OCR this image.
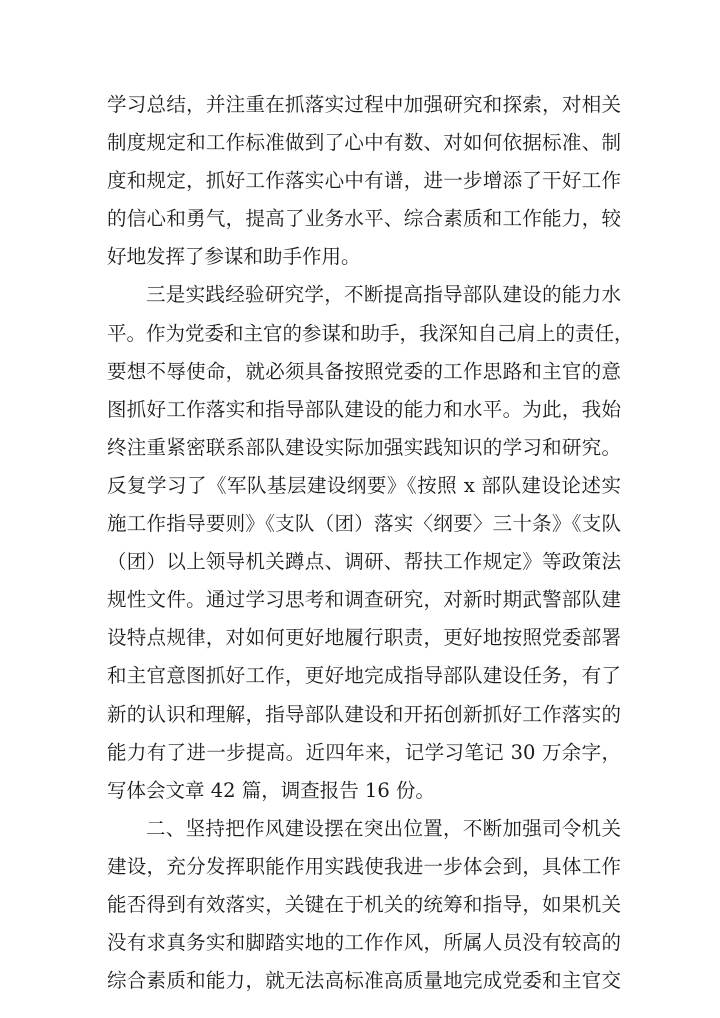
学习总结，并注重在抓落实过程中加强研究和探索，对相关
制度规定和工作标准做到了心中有数、对如何依据标准、制
度和规定，抓好工作落实心中有谱，进一步增添了干好工作
的信心和勇气，提高了业务水平、综合素质和工作能力，较
好地发挥了参谋和助手作用。
三是实践经验研究学，不断提高指导部队建设的能力水
平。作为党委和主官的参谋和助手，我深知自己肩上的责任，
要想不辱使命，就必须具备按照党委的工作思路和主官的意
图抓好工作落实和指导部队建设的能力和水平。为此，我始
终注重紧密联系部队建设实际加强实践知识的学习和研究。
反复学习了《军队基层建设纲要》《按照 x 部队建设论述实
施工作指导要则》《支队（团）落实〈纲要〉三十条》《支队
（团）以上领导机关蹲点、调研、帮扶工作规定》等政策法
规性文件。通过学习思考和调查研究，对新时期武警部队建
设特点规律，对如何更好地履行职责，更好地按照党委部署
和主官意图抓好工作，更好地完成指导部队建设任务，有了
新的认识和理解，指导部队建设和开拓创新抓好工作落实的
能力有了进一步提高。近四年来，记学习笔记 30 万余字，
写体会文章 42 篇，调查报告 16 份。
二、坚持把作风建设摆在突出位置，不断加强司令机关
建设，充分发挥职能作用实践使我进一步体会到，具体工作
能否得到有效落实，关键在于机关的统筹和指导，如果机关
没有求真务实和脚踏实地的工作作风，所属人员没有较高的
综合素质和能力，就无法高标准高质量地完成党委和主官交
